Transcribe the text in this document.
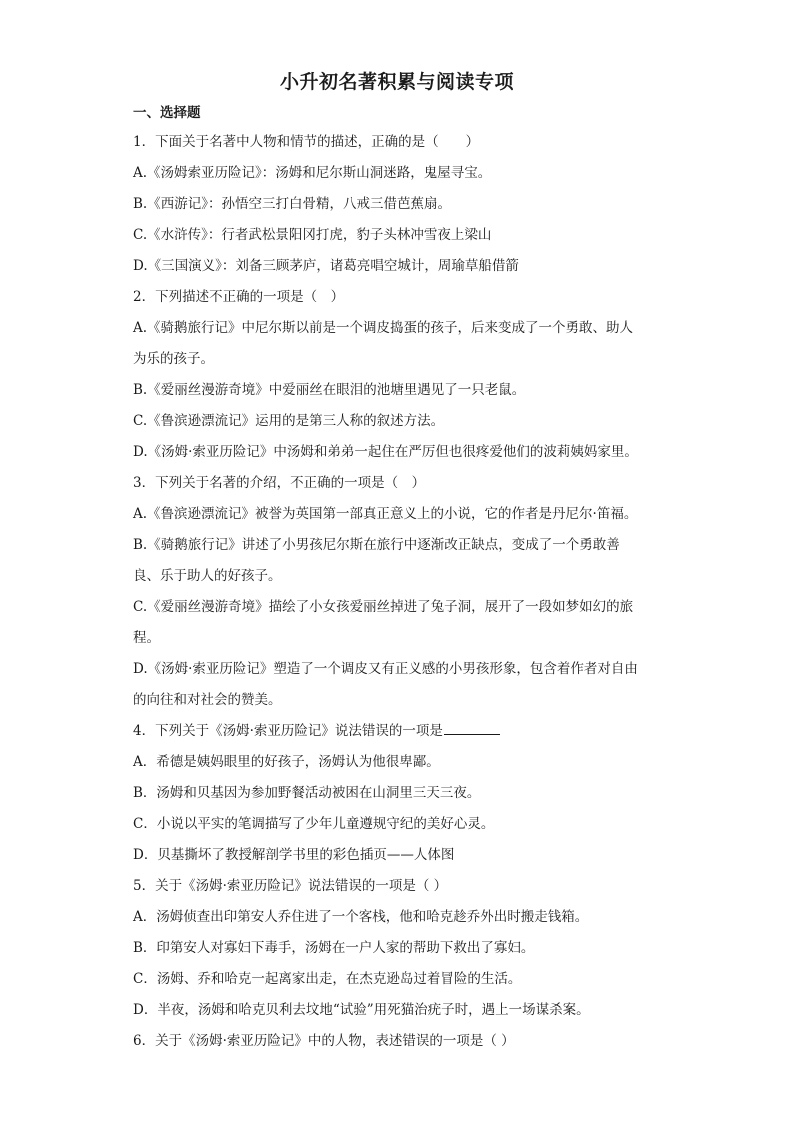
小升初名著积累与阅读专项
一、选择题
1．下面关于名著中人物和情节的描述，正确的是（　　）
A.《汤姆索亚历险记》：汤姆和尼尔斯山洞迷路，鬼屋寻宝。
B.《西游记》：孙悟空三打白骨精，八戒三借芭蕉扇。
C.《水浒传》：行者武松景阳冈打虎，豹子头林冲雪夜上梁山
D.《三国演义》：刘备三顾茅庐，诸葛亮唱空城计，周瑜草船借箭
2．下列描述不正确的一项是（　）
A.《骑鹅旅行记》中尼尔斯以前是一个调皮捣蛋的孩子，后来变成了一个勇敢、助人
为乐的孩子。
B.《爱丽丝漫游奇境》中爱丽丝在眼泪的池塘里遇见了一只老鼠。
C.《鲁滨逊漂流记》运用的是第三人称的叙述方法。
D.《汤姆·索亚历险记》中汤姆和弟弟一起住在严厉但也很疼爱他们的波莉姨妈家里。
3．下列关于名著的介绍，不正确的一项是（　）
A.《鲁滨逊漂流记》被誉为英国第一部真正意义上的小说，它的作者是丹尼尔·笛福。
B.《骑鹅旅行记》讲述了小男孩尼尔斯在旅行中逐渐改正缺点，变成了一个勇敢善
良、乐于助人的好孩子。
C.《爱丽丝漫游奇境》描绘了小女孩爱丽丝掉进了兔子洞，展开了一段如梦如幻的旅
程。
D.《汤姆·索亚历险记》塑造了一个调皮又有正义感的小男孩形象，包含着作者对自由
的向往和对社会的赞美。
4．下列关于《汤姆·索亚历险记》说法错误的一项是
A．希德是姨妈眼里的好孩子，汤姆认为他很卑鄙。
B．汤姆和贝基因为参加野餐活动被困在山洞里三天三夜。
C．小说以平实的笔调描写了少年儿童遵规守纪的美好心灵。
D．贝基撕坏了教授解剖学书里的彩色插页——人体图
5．关于《汤姆·索亚历险记》说法错误的一项是（ ）
A．汤姆侦查出印第安人乔住进了一个客栈，他和哈克趁乔外出时搬走钱箱。
B．印第安人对寡妇下毒手，汤姆在一户人家的帮助下救出了寡妇。
C．汤姆、乔和哈克一起离家出走，在杰克逊岛过着冒险的生活。
D．半夜，汤姆和哈克贝利去坟地“试验”用死猫治疣子时，遇上一场谋杀案。
6．关于《汤姆·索亚历险记》中的人物，表述错误的一项是（ ）
